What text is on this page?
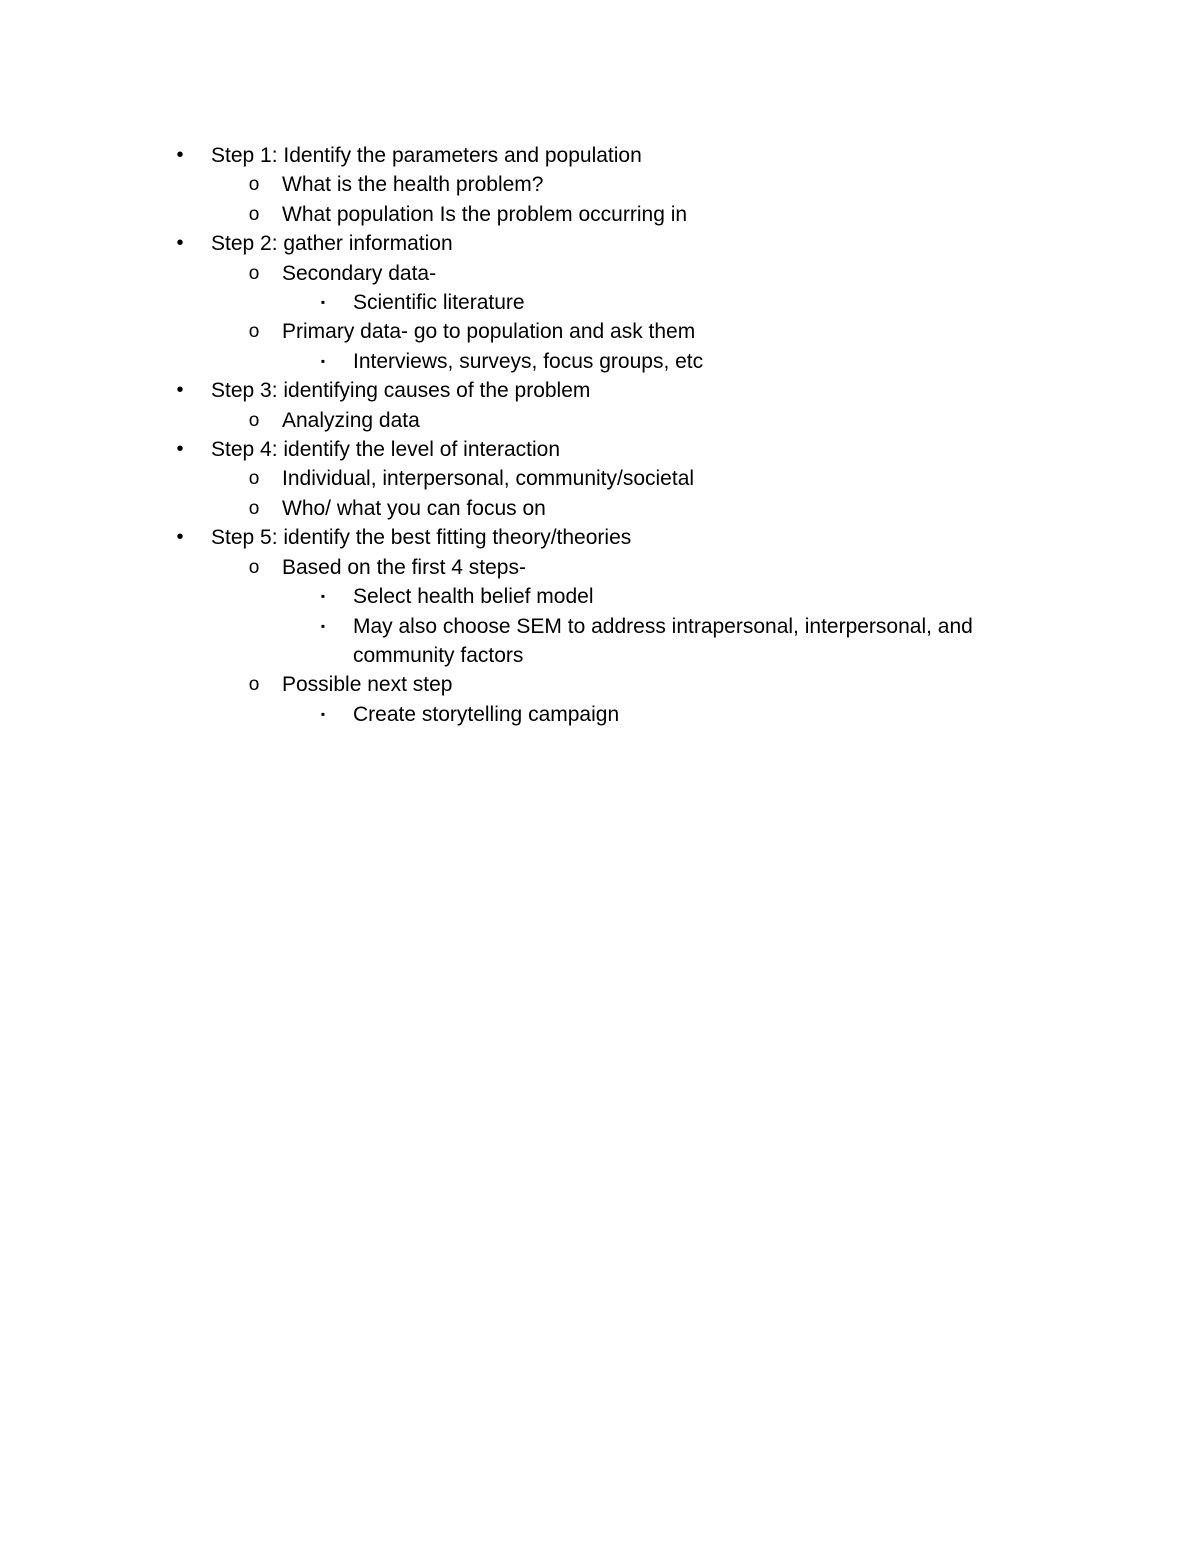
•	Step 1: Identify the parameters and population
o What is the health problem?
o What population Is the problem occurring in
•	Step 2: gather information
o Secondary data-
▪	Scientific literature
o Primary data- go to population and ask them
▪	Interviews, surveys, focus groups, etc
•	Step 3: identifying causes of the problem
o Analyzing data
•	Step 4: identify the level of interaction
o Individual, interpersonal, community/societal
o Who/ what you can focus on
•	Step 5: identify the best fitting theory/theories
o Based on the first 4 steps-
▪	Select health belief model
▪	May also choose SEM to address intrapersonal, interpersonal, and community factors
o Possible next step
▪	Create storytelling campaign
